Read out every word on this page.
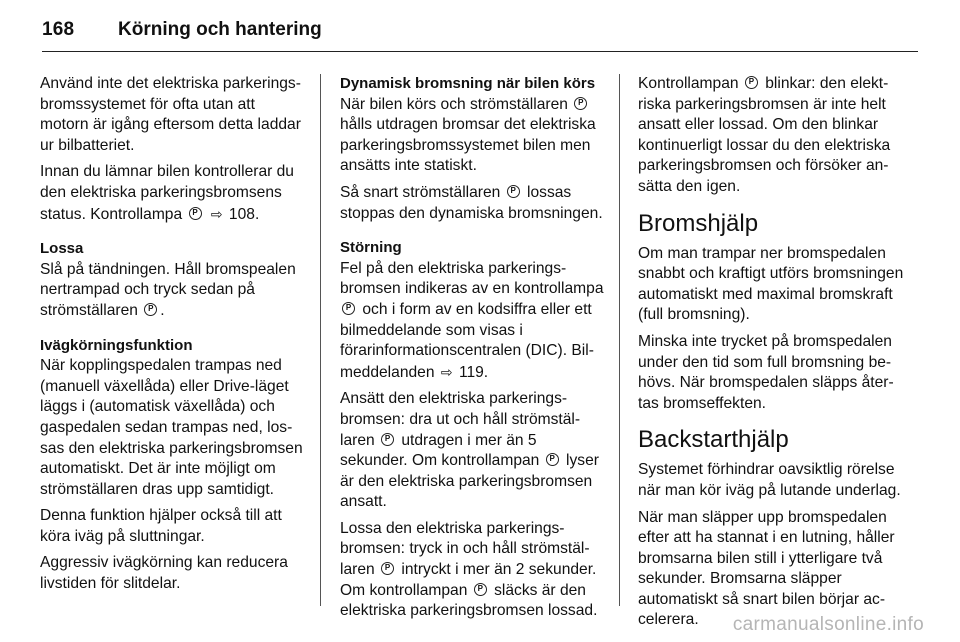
168 Körning och hantering

Använd inte det elektriska parkeringsbromssystemet för ofta utan att motorn är igång eftersom detta laddar ur bilbatteriet.

Innan du lämnar bilen kontrollerar du den elektriska parkeringsbromsens status. Kontrollampa P ⇨ 108.

Lossa

Slå på tändningen. Håll bromspealen nertrampad och tryck sedan på strömställaren P .

Ivägkörningsfunktion

När kopplingspedalen trampas ned (manuell växellåda) eller Drive-läget läggs i (automatisk växellåda) och gaspedalen sedan trampas ned, lossas den elektriska parkeringsbromsen automatiskt. Det är inte möjligt om strömställaren dras upp samtidigt.

Denna funktion hjälper också till att köra iväg på sluttningar.

Aggressiv ivägkörning kan reducera livstiden för slitdelar.

Dynamisk bromsning när bilen körs

När bilen körs och strömställaren P hålls utdragen bromsar det elektriska parkeringsbromssystemet bilen men ansätts inte statiskt.

Så snart strömställaren P lossas stoppas den dynamiska bromsningen.

Störning

Fel på den elektriska parkeringsbromsen indikeras av en kontrollampa P och i form av en kodsiffra eller ett bilmeddelande som visas i förarinformationscentralen (DIC). Bilmeddelanden ⇨ 119.

Ansätt den elektriska parkeringsbromsen: dra ut och håll strömställaren P utdragen i mer än 5 sekunder. Om kontrollampan P lyser är den elektriska parkeringsbromsen ansatt.

Lossa den elektriska parkeringsbromsen: tryck in och håll strömställaren P intryckt i mer än 2 sekunder. Om kontrollampan P släcks är den elektriska parkeringsbromsen lossad.

Kontrollampan P blinkar: den elektriska parkeringsbromsen är inte helt ansatt eller lossad. Om den blinkar kontinuerligt lossar du den elektriska parkeringsbromsen och försöker ansätta den igen.

Bromshjälp

Om man trampar ner bromspedalen snabbt och kraftigt utförs bromsningen automatiskt med maximal bromskraft (full bromsning).

Minska inte trycket på bromspedalen under den tid som full bromsning behövs. När bromspedalen släpps återtas bromseffekten.

Backstarthjälp

Systemet förhindrar oavsiktlig rörelse när man kör iväg på lutande underlag.

När man släpper upp bromspedalen efter att ha stannat i en lutning, håller bromsarna bilen still i ytterligare två sekunder. Bromsarna släpper automatiskt så snart bilen börjar accelerera.	carmanualsonline.info
